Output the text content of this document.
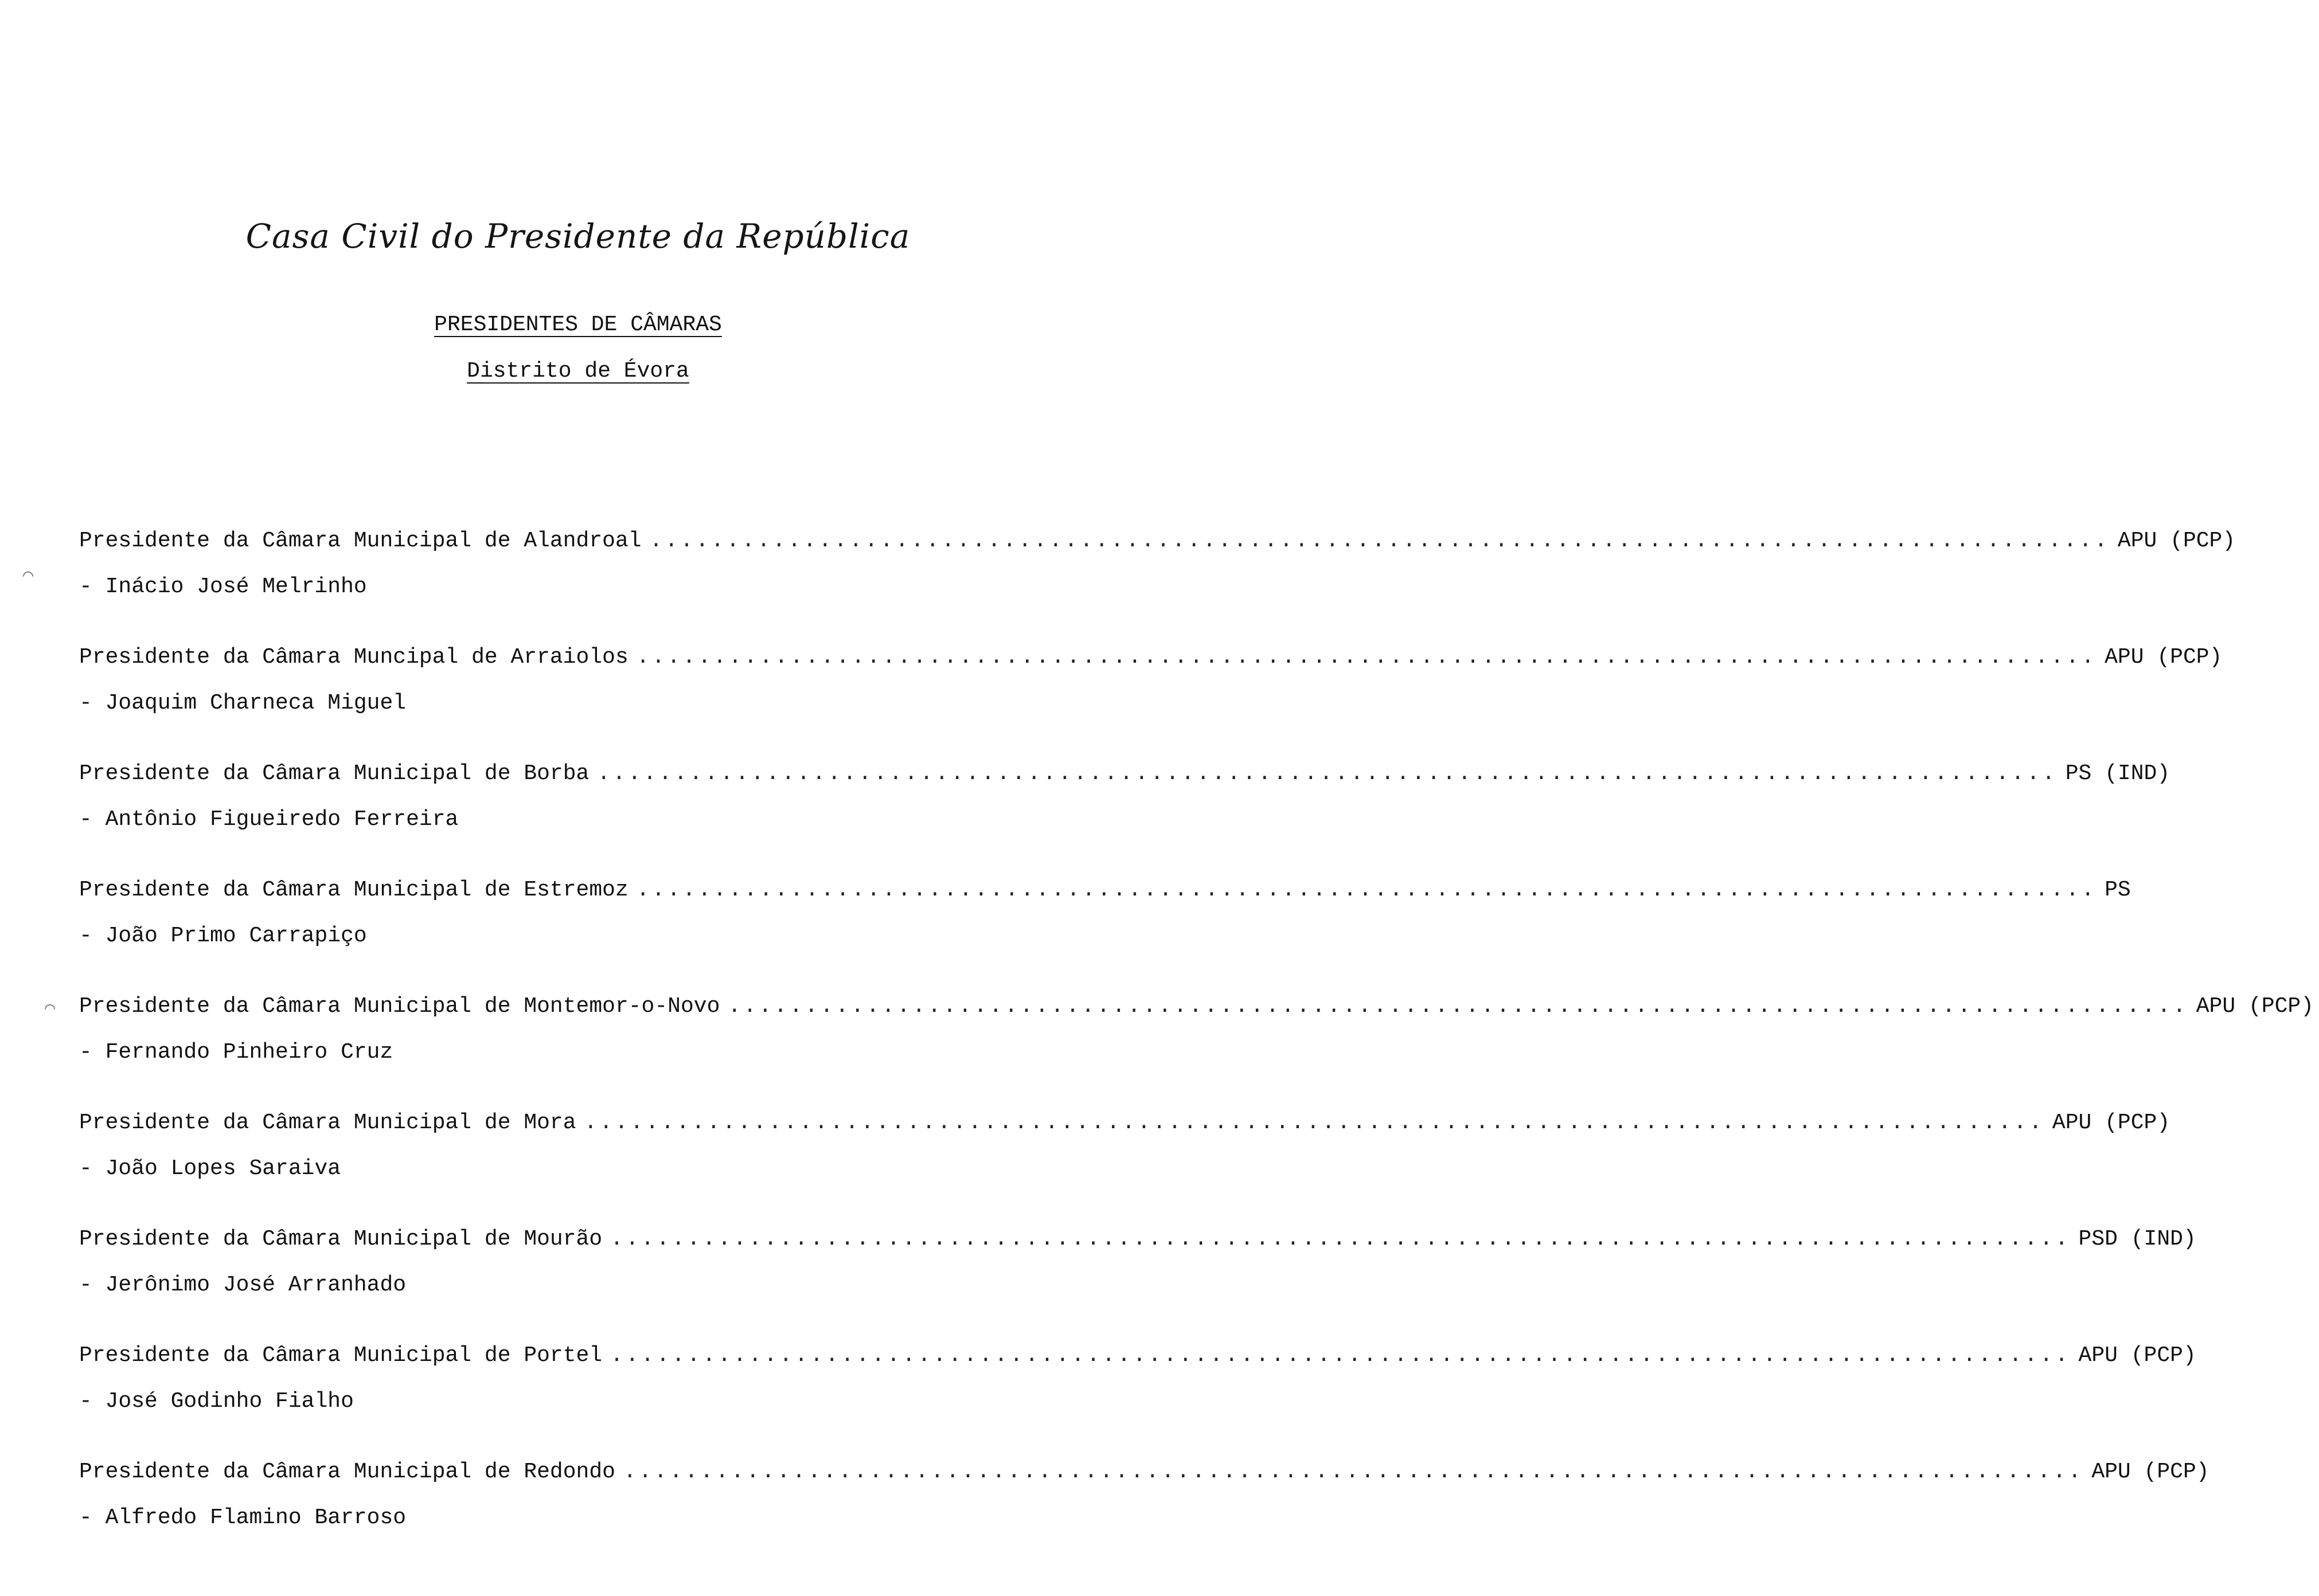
Casa Civil do Presidente da República
PRESIDENTES DE CÂMARAS
Distrito de Évora
⌒
⌒
Presidente da Câmara Municipal de Alandroal ............................................................................................... APU (PCP)
- Inácio José Melrinho
Presidente da Câmara Muncipal de Arraiolos ............................................................................................... APU (PCP)
- Joaquim Charneca Miguel
Presidente da Câmara Municipal de Borba ............................................................................................... PS (IND)
- Antônio Figueiredo Ferreira
Presidente da Câmara Municipal de Estremoz ............................................................................................... PS
- João Primo Carrapiço
Presidente da Câmara Municipal de Montemor-o-Novo ............................................................................................... APU (PCP)
- Fernando Pinheiro Cruz
Presidente da Câmara Municipal de Mora ............................................................................................... APU (PCP)
- João Lopes Saraiva
Presidente da Câmara Municipal de Mourão ............................................................................................... PSD (IND)
- Jerônimo José Arranhado
Presidente da Câmara Municipal de Portel ............................................................................................... APU (PCP)
- José Godinho Fialho
Presidente da Câmara Municipal de Redondo ............................................................................................... APU (PCP)
- Alfredo Flamino Barroso
